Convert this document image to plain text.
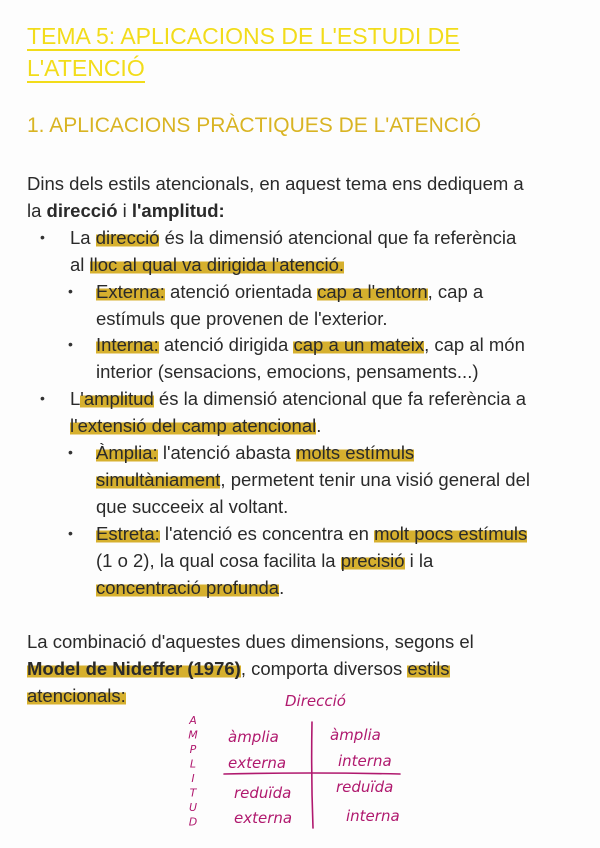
TEMA 5: APLICACIONS DE L'ESTUDI DE L'ATENCIÓ
1. APLICACIONS PRÀCTIQUES DE L'ATENCIÓ
Dins dels estils atencionals, en aquest tema ens dediquem a
la direcció i l'amplitud:
• La direcció és la dimensió atencional que fa referència
al lloc al qual va dirigida l'atenció.
• Externa: atenció orientada cap a l'entorn, cap a
estímuls que provenen de l'exterior.
• Interna: atenció dirigida cap a un mateix, cap al món
interior (sensacions, emocions, pensaments...)
• L'amplitud és la dimensió atencional que fa referència a
l'extensió del camp atencional.
• Àmplia: l'atenció abasta molts estímuls
simultàniament, permetent tenir una visió general del
que succeeix al voltant.
• Estreta: l'atenció es concentra en molt pocs estímuls
(1 o 2), la qual cosa facilita la precisió i la
concentració profunda.
La combinació d'aquestes dues dimensions, segons el
Model de Nideffer (1976), comporta diversos estils
atencionals:	Direcció
A
M
P
L
I
T
U
D
àmplia
externa
àmplia
interna
reduïda
externa
reduïda
interna
